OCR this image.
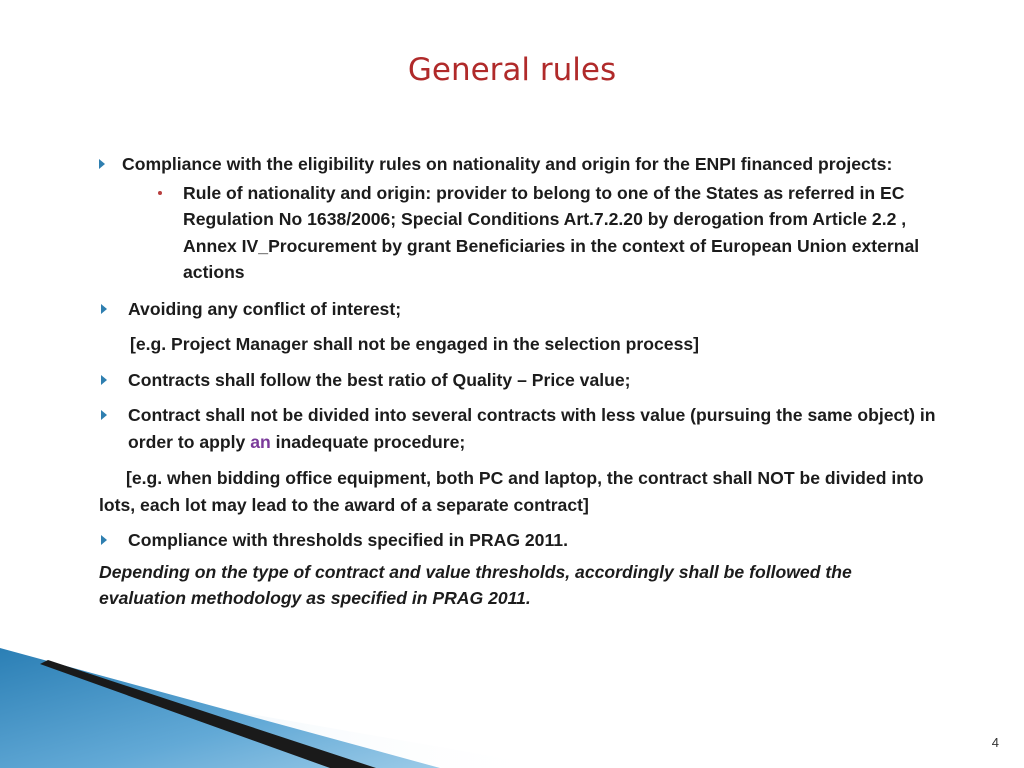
General rules
Compliance with the eligibility rules on nationality and origin for the ENPI financed projects:
Rule of nationality and origin: provider to belong to one of the States as referred in EC Regulation No 1638/2006; Special Conditions Art.7.2.20 by derogation from Article 2.2 , Annex IV_Procurement by grant Beneficiaries in the context of European Union external actions
Avoiding any conflict of interest;
[e.g. Project Manager shall not be engaged in the selection process]
Contracts shall follow the best ratio of Quality – Price value;
Contract shall not be divided into several contracts with less value (pursuing the same object) in order to apply an inadequate procedure;
[e.g. when bidding office equipment, both PC and laptop, the contract shall NOT be divided into lots, each lot may lead to the award of a separate contract]
Compliance with thresholds specified in PRAG 2011.
Depending on the type of contract and value thresholds, accordingly shall be followed the evaluation methodology as specified in PRAG 2011.
4
